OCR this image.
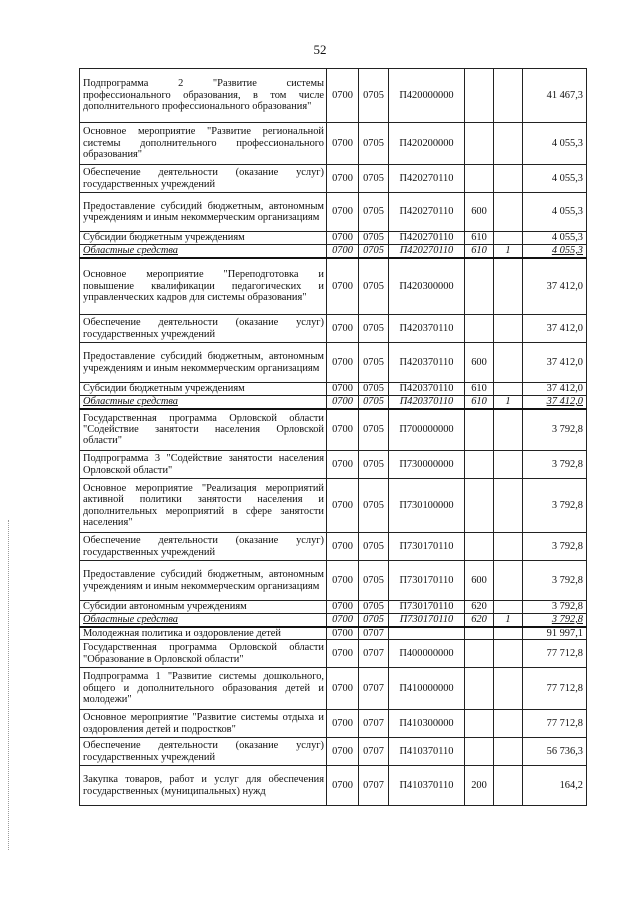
52
Подпрограмма 2 "Развитие системы профессионального образования, в том числе дополнительного профессионального образования"	0700	0705	П420000000			41 467,3
Основное мероприятие "Развитие региональной системы дополнительного профессионального образования"	0700	0705	П420200000			4 055,3
Обеспечение деятельности (оказание услуг) государственных учреждений	0700	0705	П420270110			4 055,3
Предоставление субсидий бюджетным, автономным учреждениям и иным некоммерческим организациям	0700	0705	П420270110	600		4 055,3
Субсидии бюджетным учреждениям	0700	0705	П420270110	610		4 055,3
Областные средства	0700	0705	П420270110	610	1	4 055,3
Основное мероприятие "Переподготовка и повышение квалификации педагогических и управленческих кадров для системы образования"	0700	0705	П420300000			37 412,0
Обеспечение деятельности (оказание услуг) государственных учреждений	0700	0705	П420370110			37 412,0
Предоставление субсидий бюджетным, автономным учреждениям и иным некоммерческим организациям	0700	0705	П420370110	600		37 412,0
Субсидии бюджетным учреждениям	0700	0705	П420370110	610		37 412,0
Областные средства	0700	0705	П420370110	610	1	37 412,0
Государственная программа Орловской области "Содействие занятости населения Орловской области"	0700	0705	П700000000			3 792,8
Подпрограмма 3 "Содействие занятости населения Орловской области"	0700	0705	П730000000			3 792,8
Основное мероприятие "Реализация мероприятий активной политики занятости населения и дополнительных мероприятий в сфере занятости населения"	0700	0705	П730100000			3 792,8
Обеспечение деятельности (оказание услуг) государственных учреждений	0700	0705	П730170110			3 792,8
Предоставление субсидий бюджетным, автономным учреждениям и иным некоммерческим организациям	0700	0705	П730170110	600		3 792,8
Субсидии автономным учреждениям	0700	0705	П730170110	620		3 792,8
Областные средства	0700	0705	П730170110	620	1	3 792,8
Молодежная политика и оздоровление детей	0700	0707				91 997,1
Государственная программа Орловской области "Образование в Орловской области"	0700	0707	П400000000			77 712,8
Подпрограмма 1 "Развитие системы дошкольного, общего и дополнительного образования детей и молодежи"	0700	0707	П410000000			77 712,8
Основное мероприятие "Развитие системы отдыха и оздоровления детей и подростков"	0700	0707	П410300000			77 712,8
Обеспечение деятельности (оказание услуг) государственных учреждений	0700	0707	П410370110			56 736,3
Закупка товаров, работ и услуг для обеспечения государственных (муниципальных) нужд	0700	0707	П410370110	200		164,2
